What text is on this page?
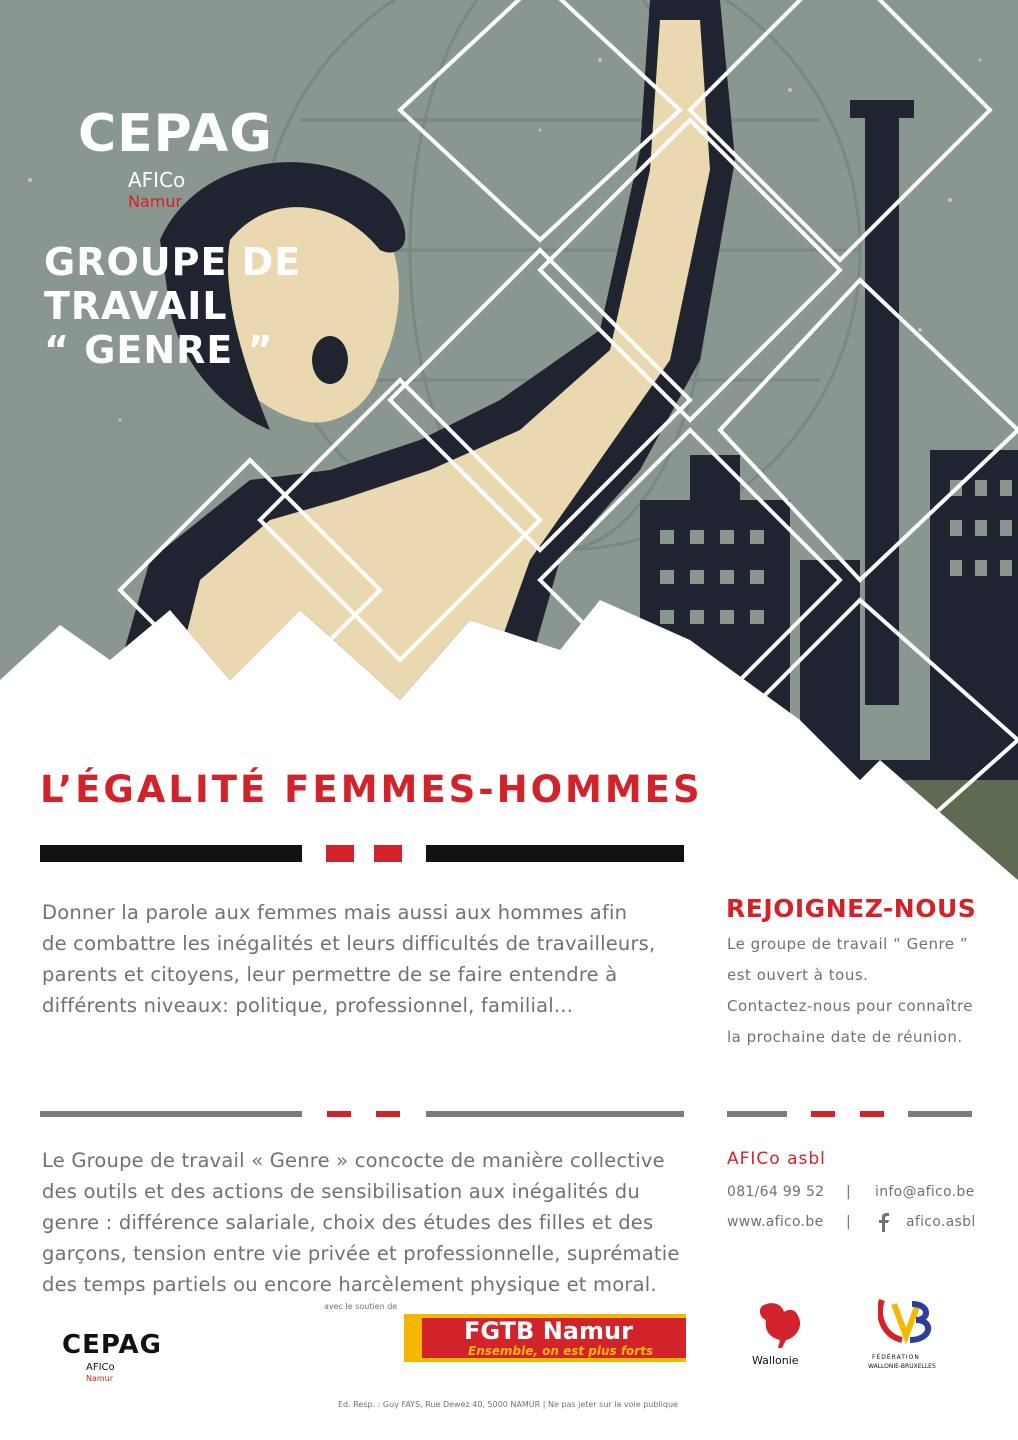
CEPAG
AFICo
Namur
GROUPE DE
TRAVAIL
“ GENRE ”
L’ÉGALITÉ FEMMES-HOMMES
Donner la parole aux femmes mais aussi aux hommes afin
de combattre les inégalités et leurs difficultés de travailleurs,
parents et citoyens, leur permettre de se faire entendre à
différents niveaux: politique, professionnel, familial...
REJOIGNEZ-NOUS
Le groupe de travail “ Genre ”
est ouvert à tous.
Contactez-nous pour connaître
la prochaine date de réunion.
Le Groupe de travail « Genre » concocte de manière collective
des outils et des actions de sensibilisation aux inégalités du
genre : différence salariale, choix des études des filles et des
garçons, tension entre vie privée et professionnelle, suprématie
des temps partiels ou encore harcèlement physique et moral.
AFICo asbl
081/64 99 52 | info@afico.be
www.afico.be |	afico.asbl
CEPAG
AFICo
Namur
avec le soutien de
FGTB Namur
Ensemble, on est plus forts
Wallonie	FÉDÉRATION
WALLONIE-BRUXELLES
Ed. Resp. : Guy FAYS, Rue Dewez 40, 5000 NAMUR | Ne pas jeter sur la voie publique
